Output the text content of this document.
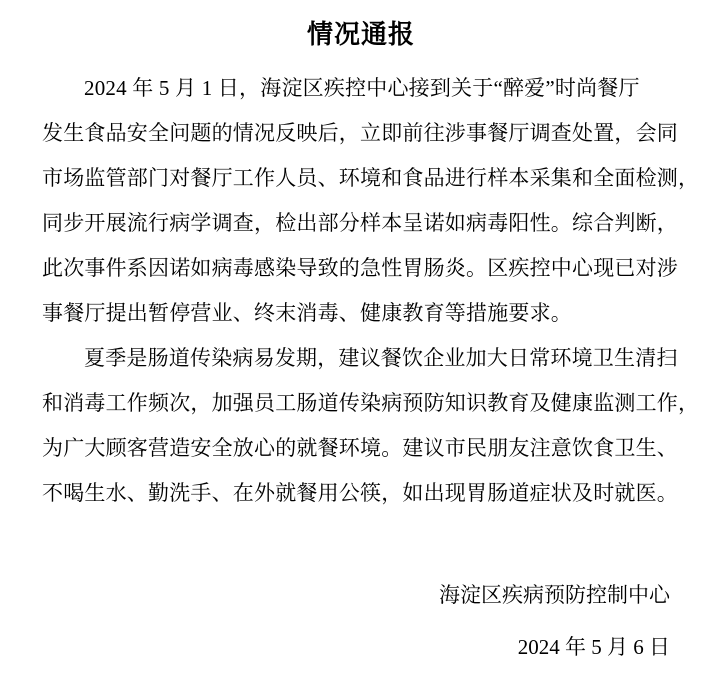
情况通报
2024 年 5 月 1 日，海淀区疾控中心接到关于“醉爱”时尚餐厅
发生食品安全问题的情况反映后，立即前往涉事餐厅调查处置，会同
市场监管部门对餐厅工作人员、环境和食品进行样本采集和全面检测，
同步开展流行病学调查，检出部分样本呈诺如病毒阳性。综合判断，
此次事件系因诺如病毒感染导致的急性胃肠炎。区疾控中心现已对涉
事餐厅提出暂停营业、终末消毒、健康教育等措施要求。
夏季是肠道传染病易发期，建议餐饮企业加大日常环境卫生清扫
和消毒工作频次，加强员工肠道传染病预防知识教育及健康监测工作，
为广大顾客营造安全放心的就餐环境。建议市民朋友注意饮食卫生、
不喝生水、勤洗手、在外就餐用公筷，如出现胃肠道症状及时就医。
海淀区疾病预防控制中心
2024 年 5 月 6 日
